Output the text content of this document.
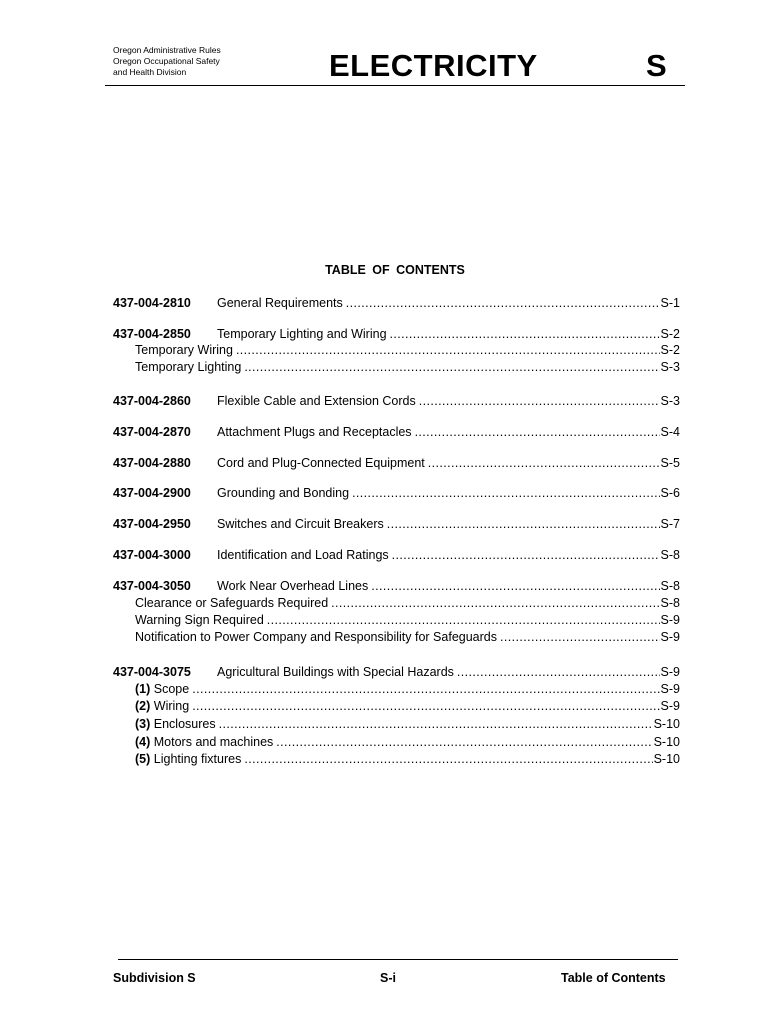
Oregon Administrative Rules
Oregon Occupational Safety
and Health Division	ELECTRICITY	S
TABLE OF CONTENTS
437-004-2810	General Requirements .....	S-1
437-004-2850	Temporary Lighting and Wiring .....	S-2
Temporary Wiring .....	S-2
Temporary Lighting .....	S-3
437-004-2860	Flexible Cable and Extension Cords .....	S-3
437-004-2870	Attachment Plugs and Receptacles .....	S-4
437-004-2880	Cord and Plug-Connected Equipment .....	S-5
437-004-2900	Grounding and Bonding .....	S-6
437-004-2950	Switches and Circuit Breakers .....	S-7
437-004-3000	Identification and Load Ratings .....	S-8
437-004-3050	Work Near Overhead Lines .....	S-8
Clearance or Safeguards Required .....	S-8
Warning Sign Required .....	S-9
Notification to Power Company and Responsibility for Safeguards .....	S-9
437-004-3075	Agricultural Buildings with Special Hazards .....	S-9
(1) Scope .....	S-9
(2) Wiring .....	S-9
(3) Enclosures .....	S-10
(4) Motors and machines .....	S-10
(5) Lighting fixtures .....	S-10
Subdivision S	S-i	Table of Contents
